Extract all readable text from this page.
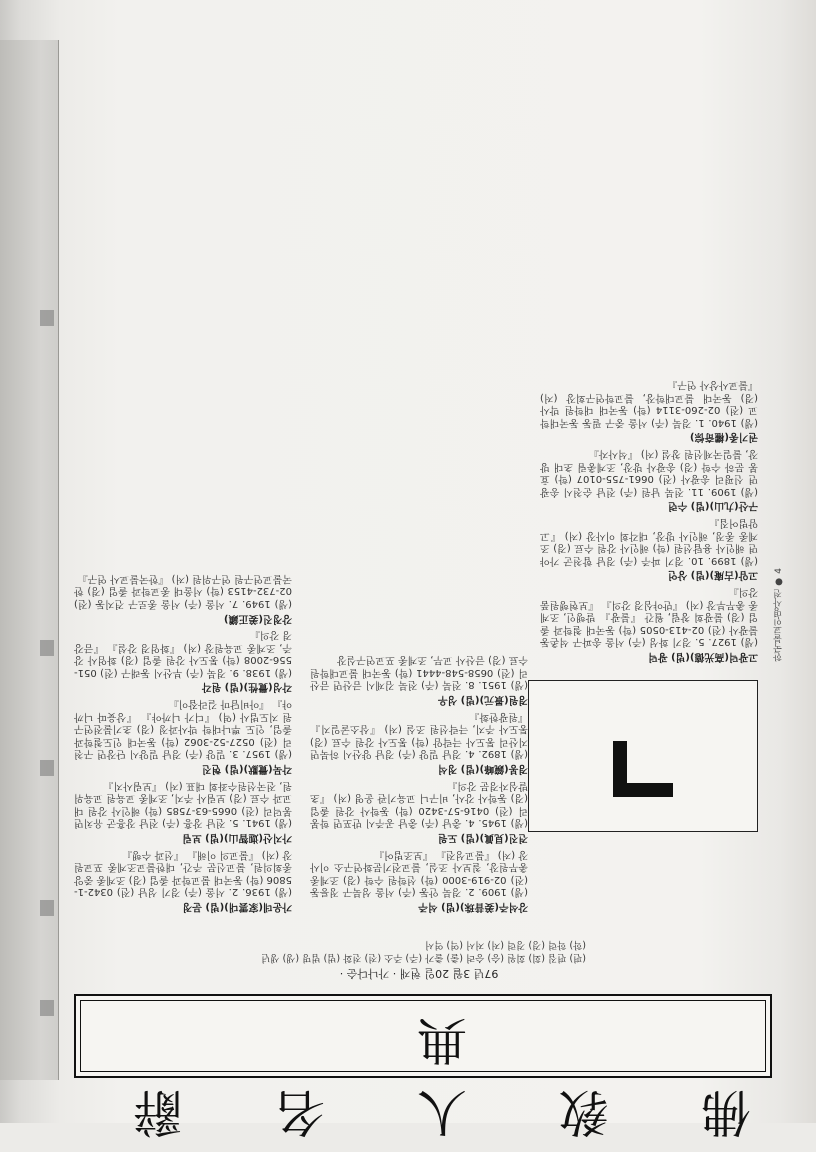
佛 敎 人 名 辭 典
97년 3월 20일 현재 · 가나다순 ·
(편) 편집 (회) 회원 (승) 승려 (출) 출가 (주) 주소 (전) 전화 (법) 법명 (생) 생년 (학) 학력 (경) 경력 (저) 저서 (역) 역서
한국불교인명사전 ● 4
가운데(家雲대)(법) 문정

(생) 1936. 2. 서울 (주) 경기 성남 (전) 0342-1-5806 (학) 동국대 불교학과 졸업 (경) 조계종 중앙종회의원, 불교신문 주간, 대한불교조계종 포교원장 (저) 『불교의 이해』 『선과 수행』

가지산(迦智山)(법) 보림

(생) 1941. 5. 전남 장흥 (주) 전남 장흥군 유치면 봉덕리 (전) 0665-63-7585 (학) 해인사 강원 대교과 수료 (경) 보림사 주지, 조계종 교육원 교육위원, 전국선원수좌회 대표 (저) 『보림사지』

각묵(覺默)(법) 현진

(생) 1957. 3. 밀양 (주) 경남 밀양시 단장면 구천리 (전) 0527-52-3062 (학) 동국대 인도철학과 졸업, 인도 뿌나대학 박사과정 (경) 초기불전연구원 지도법사 (역) 『디가 니까야』 『상윳따 니까야』 『아비담마 길라잡이』

각성(覺性)(법) 원각

(생) 1938. 9. 경북 (주) 부산시 동래구 (전) 051-556-2008 (학) 통도사 강원 졸업 (경) 화엄사 강주, 조계종 교육원장 (저) 『화엄경 강설』 『금강경 강의』

강정진(姜正鎭)

(생) 1949. 7. 서울 (주) 서울 종로구 견지동 (전) 02-732-4153 (학) 서울대 종교학과 졸업 (경) 한국불교연구원 연구위원 (저) 『한국불교사 연구』

강석주(姜昔珠)(법) 석주

(생) 1909. 2. 경북 안동 (주) 서울 성북구 정릉동 (전) 02-919-3000 (학) 선학원 수학 (경) 조계종 총무원장, 칠보사 조실, 불교전기문화연구소 이사장 (저) 『불교성전』 『보조법어』

견진(見眞)(법) 도원

(생) 1945. 4. 충남 (주) 충남 공주시 반포면 학봉리 (전) 0416-57-3420 (학) 동학사 강원 졸업 (경) 동학사 강사, 비구니 교육기관 운영 (저) 『초발심자경문 강의』

경봉(鏡峰)(법) 정석

(생) 1892. 4. 경남 밀양 (주) 경남 양산시 하북면 지산리 통도사 극락암 (학) 통도사 강원 수료 (경) 통도사 주지, 극락선원 조실 (저) 『삼소굴일지』 『원광한화』

경원(景元)(법) 성우

(생) 1951. 8. 전북 (주) 전북 김제시 금산면 금산리 (전) 0658-548-4441 (학) 동국대 불교대학원 수료 (경) 금산사 교무, 조계종 포교연구실장	고광덕(高光德)(법) 광덕

(생) 1927. 5. 경기 화성 (주) 서울 송파구 석촌동 불광사 (전) 02-413-0505 (학) 동국대 철학과 졸업 (경) 불광회 창립, 월간 『불광』 발행인, 조계종 총무부장 (저) 『반야심경 강의』 『보현행원품 강의』

고암(古庵)(법) 상언

(생) 1899. 10. 경기 파주 (주) 경남 합천군 가야면 해인사 용탑선원 (학) 해인사 강원 수료 (경) 조계종 종정, 해인사 방장, 대각회 이사장 (저) 『고암법어집』

구산(九山)(법) 수련

(생) 1909. 11. 전북 남원 (주) 전남 순천시 송광면 신평리 송광사 (전) 0661-755-0107 (학) 효봉 문하 수학 (경) 송광사 방장, 조계총림 초대 방장, 불일국제선원 창설 (저) 『석사자』

권기종(權奇悰)

(생) 1940. 1. 경북 (주) 서울 중구 필동 동국대학교 (전) 02-260-3114 (학) 동국대 대학원 박사 (경) 동국대 불교대학장, 불교학연구회장 (저) 『불교사상사 연구』
